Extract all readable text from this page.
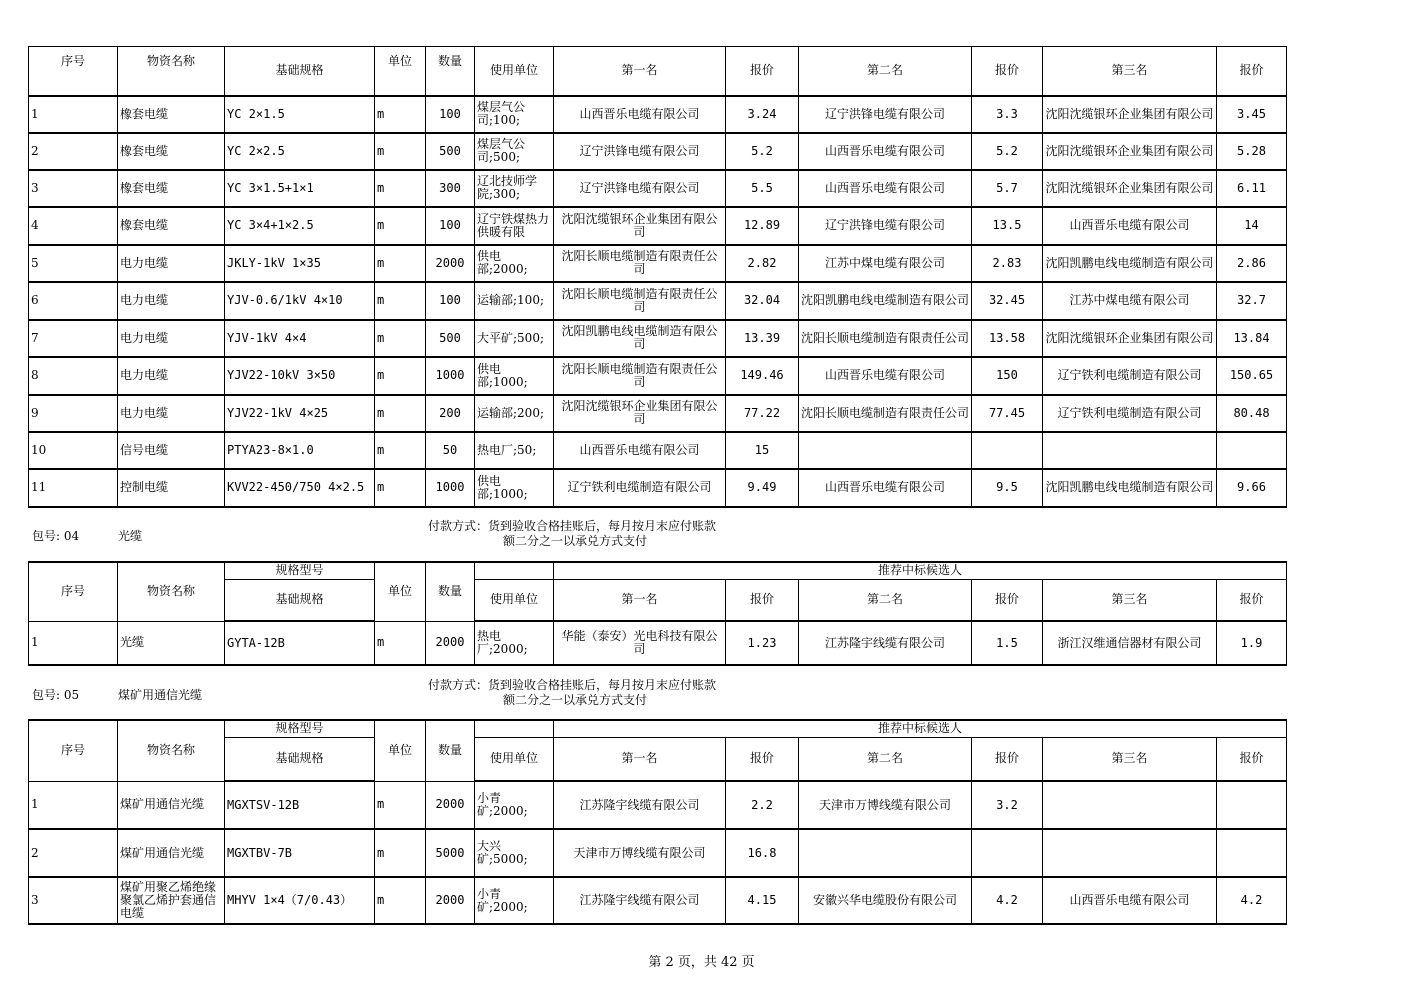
序号	物资名称	基础规格	单位	数量	使用单位	第一名	报价	第二名	报价	第三名	报价
1	橡套电缆	YC 2×1.5	m	100	煤层气公司;100;	山西晋乐电缆有限公司	3.24	辽宁洪锋电缆有限公司	3.3	沈阳沈缆银环企业集团有限公司	3.45
2	橡套电缆	YC 2×2.5	m	500	煤层气公司;500;	辽宁洪锋电缆有限公司	5.2	山西晋乐电缆有限公司	5.2	沈阳沈缆银环企业集团有限公司	5.28
3	橡套电缆	YC 3×1.5+1×1	m	300	辽北技师学院;300;	辽宁洪锋电缆有限公司	5.5	山西晋乐电缆有限公司	5.7	沈阳沈缆银环企业集团有限公司	6.11
4	橡套电缆	YC 3×4+1×2.5	m	100	辽宁铁煤热力供暖有限	沈阳沈缆银环企业集团有限公司	12.89	辽宁洪锋电缆有限公司	13.5	山西晋乐电缆有限公司	14
5	电力电缆	JKLY-1kV 1×35	m	2000	供电部;2000;	沈阳长顺电缆制造有限责任公司	2.82	江苏中煤电缆有限公司	2.83	沈阳凯鹏电线电缆制造有限公司	2.86
6	电力电缆	YJV-0.6/1kV 4×10	m	100	运输部;100;	沈阳长顺电缆制造有限责任公司	32.04	沈阳凯鹏电线电缆制造有限公司	32.45	江苏中煤电缆有限公司	32.7
7	电力电缆	YJV-1kV 4×4	m	500	大平矿;500;	沈阳凯鹏电线电缆制造有限公司	13.39	沈阳长顺电缆制造有限责任公司	13.58	沈阳沈缆银环企业集团有限公司	13.84
8	电力电缆	YJV22-10kV 3×50	m	1000	供电部;1000;	沈阳长顺电缆制造有限责任公司	149.46	山西晋乐电缆有限公司	150	辽宁铁利电缆制造有限公司	150.65
9	电力电缆	YJV22-1kV 4×25	m	200	运输部;200;	沈阳沈缆银环企业集团有限公司	77.22	沈阳长顺电缆制造有限责任公司	77.45	辽宁铁利电缆制造有限公司	80.48
10	信号电缆	PTYA23-8×1.0	m	50	热电厂;50;	山西晋乐电缆有限公司	15				
11	控制电缆	KVV22-450/750 4×2.5	m	1000	供电部;1000;	辽宁铁利电缆制造有限公司	9.49	山西晋乐电缆有限公司	9.5	沈阳凯鹏电线电缆制造有限公司	9.66
包号: 04	光缆
付款方式：货到验收合格挂账后，每月按月末应付账款
额二分之一以承兑方式支付
序号	物资名称	规格型号	单位	数量		推荐中标候选人					
		基础规格			使用单位	第一名	报价	第二名	报价	第三名	报价
1	光缆	GYTA-12B	m	2000	热电厂;2000;	华能（泰安）光电科技有限公司	1.23	江苏隆宇线缆有限公司	1.5	浙江汉维通信器材有限公司	1.9
包号: 05	煤矿用通信光缆
付款方式：货到验收合格挂账后，每月按月末应付账款
额二分之一以承兑方式支付
序号	物资名称	规格型号	单位	数量		推荐中标候选人					
		基础规格			使用单位	第一名	报价	第二名	报价	第三名	报价
1	煤矿用通信光缆	MGXTSV-12B	m	2000	小青矿;2000;	江苏隆宇线缆有限公司	2.2	天津市万博线缆有限公司	3.2		
2	煤矿用通信光缆	MGXTBV-7B	m	5000	大兴矿;5000;	天津市万博线缆有限公司	16.8				
3	煤矿用聚乙烯绝缘聚氯乙烯护套通信电缆	MHYV 1×4（7/0.43）	m	2000	小青矿;2000;	江苏隆宇线缆有限公司	4.15	安徽兴华电缆股份有限公司	4.2	山西晋乐电缆有限公司	4.2
第 2 页，共 42 页
